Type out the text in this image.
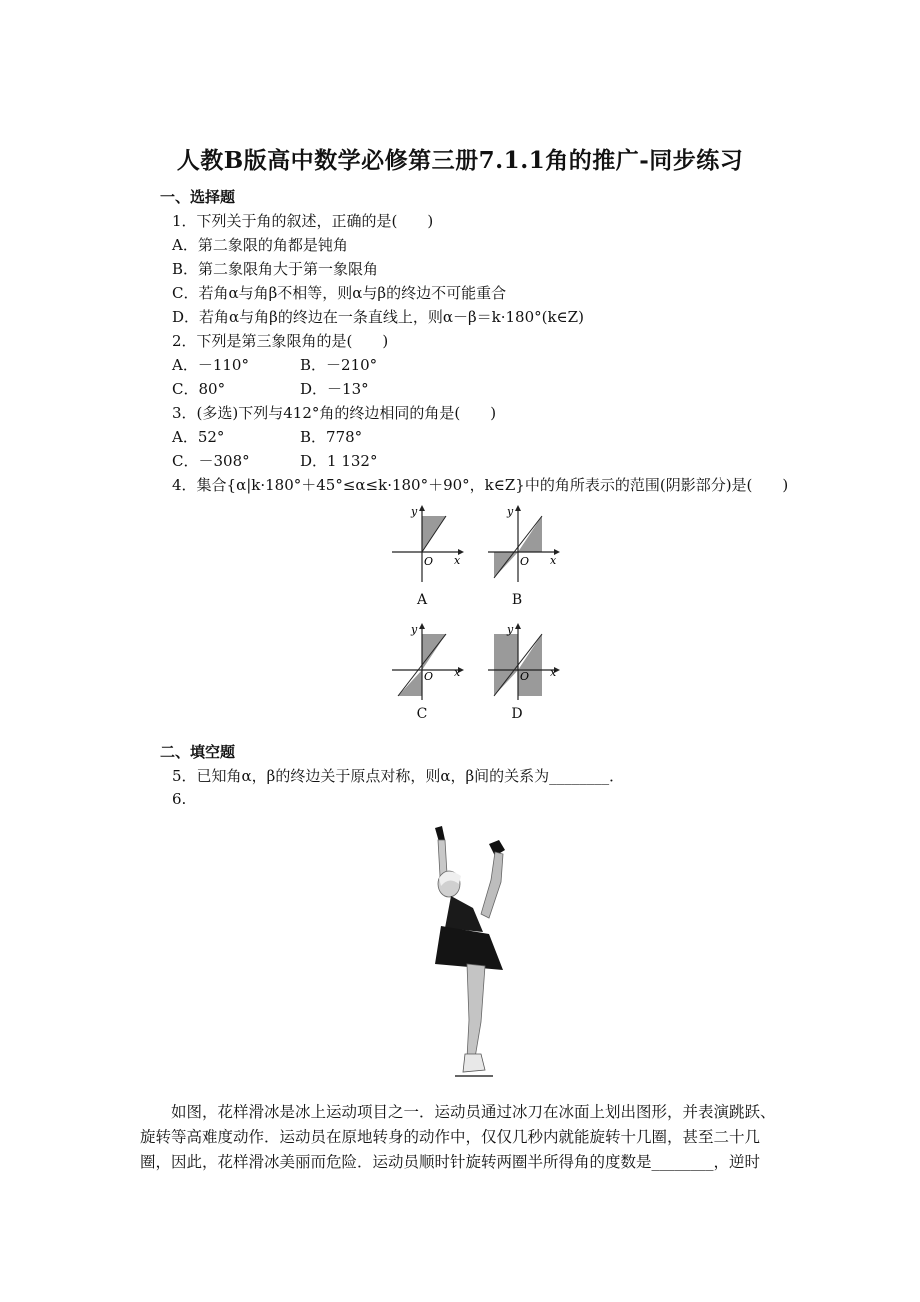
人教B版高中数学必修第三册7.1.1角的推广-同步练习
一、选择题
1．下列关于角的叙述，正确的是(　　)
A．第二象限的角都是钝角
B．第二象限角大于第一象限角
C．若角α与角β不相等，则α与β的终边不可能重合
D．若角α与角β的终边在一条直线上，则α－β＝k·180°(k∈Z)
2．下列是第三象限角的是(　　)
A．－110°	B．－210°
C．80°	D．－13°
3．(多选)下列与412°角的终边相同的角是(　　)
A．52°	B．778°
C．－308°	D．1 132°
4．集合{α|k·180°＋45°≤α≤k·180°＋90°，k∈Z}中的角所表示的范围(阴影部分)是(　　)
y
x
O
y
x
O
A	B
y
x
O
y
x
O
C	D
二、填空题
5．已知角α，β的终边关于原点对称，则α，β间的关系为________．
6.
如图，花样滑冰是冰上运动项目之一．运动员通过冰刀在冰面上划出图形，并表演跳跃、旋转等高难度动作．运动员在原地转身的动作中，仅仅几秒内就能旋转十几圈，甚至二十几圈，因此，花样滑冰美丽而危险．运动员顺时针旋转两圈半所得角的度数是________，逆时
